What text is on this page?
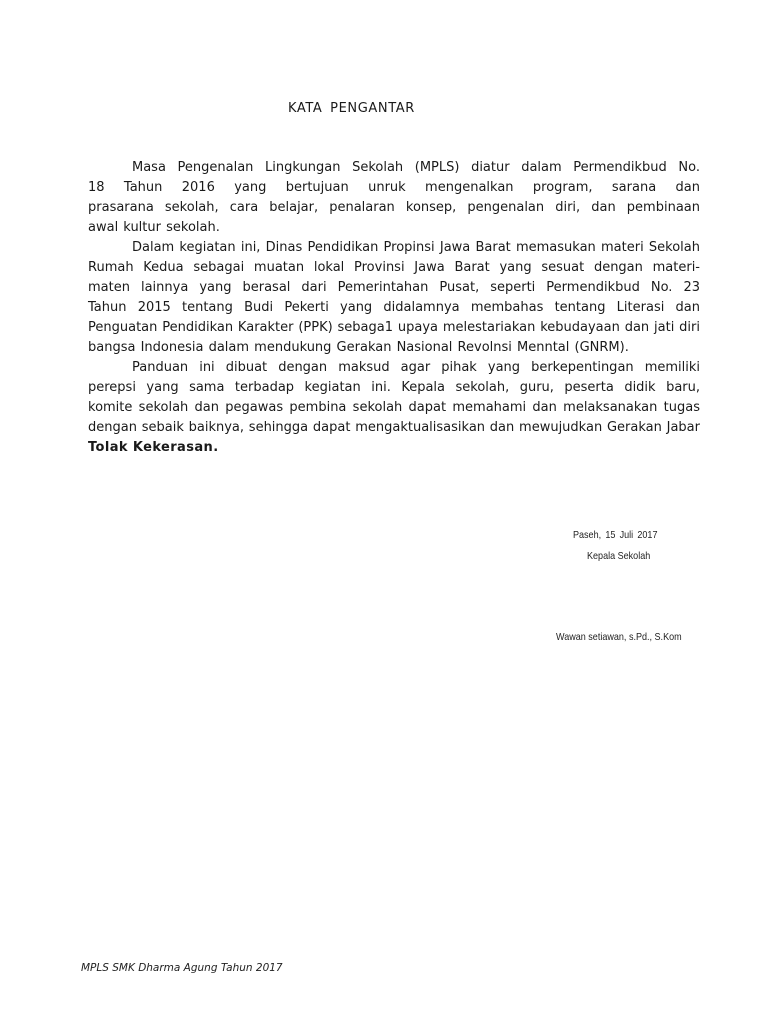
KATA PENGANTAR
Masa Pengenalan Lingkungan Sekolah (MPLS) diatur dalam Permendikbud No.
18 Tahun 2016 yang bertujuan unruk mengenalkan program, sarana dan
prasarana sekolah, cara belajar, penalaran konsep, pengenalan diri, dan pembinaan
awal kultur sekolah.
Dalam kegiatan ini, Dinas Pendidikan Propinsi Jawa Barat memasukan materi Sekolah
Rumah Kedua sebagai muatan lokal Provinsi Jawa Barat yang sesuat dengan materi-
maten lainnya yang berasal dari Pemerintahan Pusat, seperti Permendikbud No. 23
Tahun 2015 tentang Budi Pekerti yang didalamnya membahas tentang Literasi dan
Penguatan Pendidikan Karakter (PPK) sebaga1 upaya melestariakan kebudayaan dan jati diri
bangsa Indonesia dalam mendukung Gerakan Nasional Revolnsi Menntal (GNRM).
Panduan ini dibuat dengan maksud agar pihak yang berkepentingan memiliki
perepsi yang sama terbadap kegiatan ini. Kepala sekolah, guru, peserta didik baru,
komite sekolah dan pegawas pembina sekolah dapat memahami dan melaksanakan tugas
dengan sebaik baiknya, sehingga dapat mengaktualisasikan dan mewujudkan Gerakan Jabar
Tolak Kekerasan.
Paseh, 15 Juli 2017
Kepala Sekolah
Wawan setiawan, s.Pd., S.Kom
MPLS SMK Dharma Agung Tahun 2017
